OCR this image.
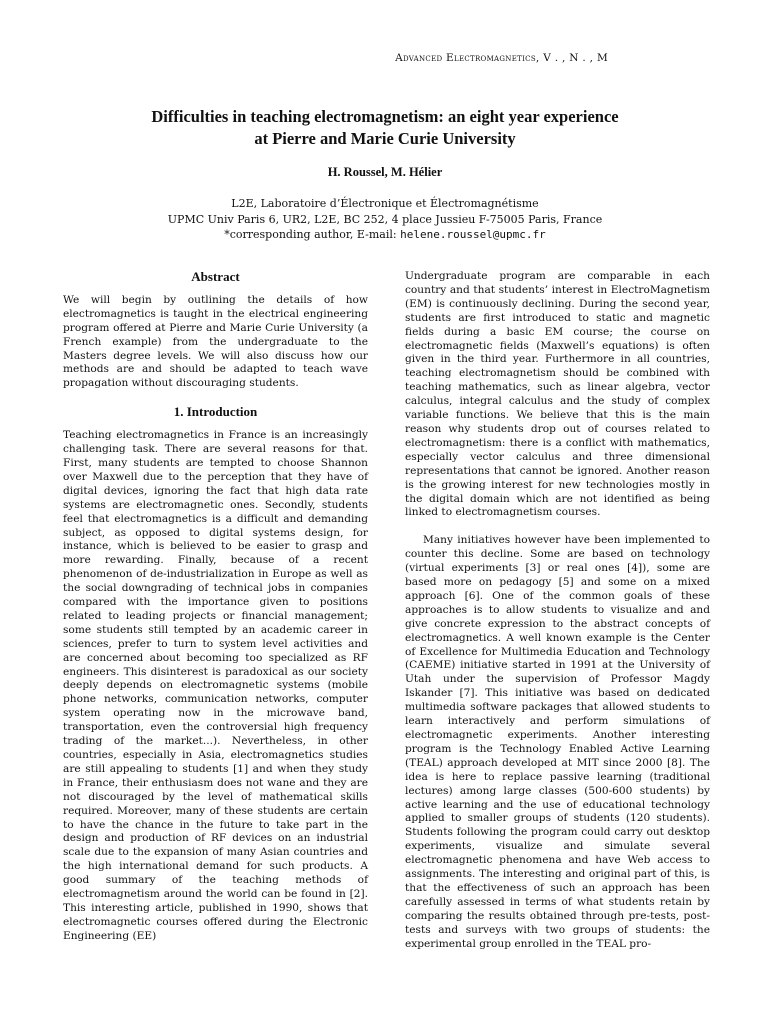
Advanced Electromagnetics, V . , N . , M
Difficulties in teaching electromagnetism: an eight year experience
at Pierre and Marie Curie University
H. Roussel, M. Hélier
L2E, Laboratoire d’Électronique et Électromagnétisme
UPMC Univ Paris 6, UR2, L2E, BC 252, 4 place Jussieu F-75005 Paris, France
*corresponding author, E-mail: helene.roussel@upmc.fr
Abstract

We will begin by outlining the details of how electromagnetics is taught in the electrical engineering program offered at Pierre and Marie Curie University (a French example) from the undergraduate to the Masters degree levels. We will also discuss how our methods are and should be adapted to teach wave propagation without discouraging students.

1. Introduction

Teaching electromagnetics in France is an increasingly challenging task. There are several reasons for that. First, many students are tempted to choose Shannon over Maxwell due to the perception that they have of digital devices, ignoring the fact that high data rate systems are electromagnetic ones. Secondly, students feel that electromagnetics is a difficult and demanding subject, as opposed to digital systems design, for instance, which is believed to be easier to grasp and more rewarding. Finally, because of a recent phenomenon of de-industrialization in Europe as well as the social downgrading of technical jobs in companies compared with the importance given to positions related to leading projects or financial management; some students still tempted by an academic career in sciences, prefer to turn to system level activities and are concerned about becoming too specialized as RF engineers. This disinterest is paradoxical as our society deeply depends on electromagnetic systems (mobile phone networks, communication networks, computer system operating now in the microwave band, transportation, even the controversial high frequency trading of the market...). Nevertheless, in other countries, especially in Asia, electromagnetics studies are still appealing to students [1] and when they study in France, their enthusiasm does not wane and they are not discouraged by the level of mathematical skills required. Moreover, many of these students are certain to have the chance in the future to take part in the design and production of RF devices on an industrial scale due to the expansion of many Asian countries and the high international demand for such products. A good summary of the teaching methods of electromagnetism around the world can be found in [2]. This interesting article, published in 1990, shows that electromagnetic courses offered during the Electronic Engineering (EE)

Undergraduate program are comparable in each country and that students’ interest in ElectroMagnetism (EM) is continuously declining. During the second year, students are first introduced to static and magnetic fields during a basic EM course; the course on electromagnetic fields (Maxwell’s equations) is often given in the third year. Furthermore in all countries, teaching electromagnetism should be combined with teaching mathematics, such as linear algebra, vector calculus, integral calculus and the study of complex variable functions. We believe that this is the main reason why students drop out of courses related to electromagnetism: there is a conflict with mathematics, especially vector calculus and three dimensional representations that cannot be ignored. Another reason is the growing interest for new technologies mostly in the digital domain which are not identified as being linked to electromagnetism courses.

Many initiatives however have been implemented to counter this decline. Some are based on technology (virtual experiments [3] or real ones [4]), some are based more on pedagogy [5] and some on a mixed approach [6]. One of the common goals of these approaches is to allow students to visualize and and give concrete expression to the abstract concepts of electromagnetics. A well known example is the Center of Excellence for Multimedia Education and Technology (CAEME) initiative started in 1991 at the University of Utah under the supervision of Professor Magdy Iskander [7]. This initiative was based on dedicated multimedia software packages that allowed students to learn interactively and perform simulations of electromagnetic experiments. Another interesting program is the Technology Enabled Active Learning (TEAL) approach developed at MIT since 2000 [8]. The idea is here to replace passive learning (traditional lectures) among large classes (500-600 students) by active learning and the use of educational technology applied to smaller groups of students (120 students). Students following the program could carry out desktop experiments, visualize and simulate several electromagnetic phenomena and have Web access to assignments. The interesting and original part of this, is that the effectiveness of such an approach has been carefully assessed in terms of what students retain by comparing the results obtained through pre-tests, post-tests and surveys with two groups of students: the experimental group enrolled in the TEAL pro-
